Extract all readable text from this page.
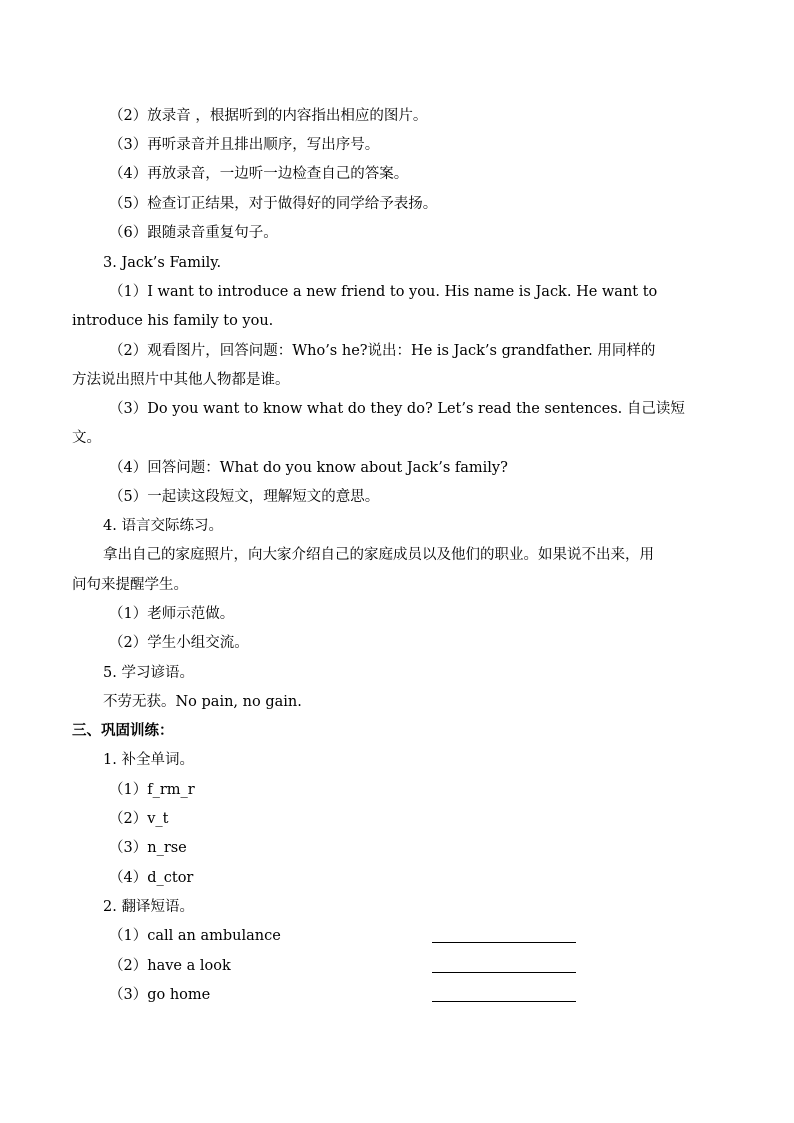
（2）放录音 ，根据听到的内容指出相应的图片。
（3）再听录音并且排出顺序，写出序号。
（4）再放录音，一边听一边检查自己的答案。
（5）检查订正结果，对于做得好的同学给予表扬。
（6）跟随录音重复句子。
3. Jack’s Family.
（1）I want to introduce a new friend to you. His name is Jack. He want to
introduce his family to you.
（2）观看图片，回答问题：Who’s he?说出：He is Jack’s grandfather. 用同样的
方法说出照片中其他人物都是谁。
（3）Do you want to know what do they do? Let’s read the sentences. 自己读短
文。
（4）回答问题：What do you know about Jack’s family?
（5）一起读这段短文，理解短文的意思。
4. 语言交际练习。
拿出自己的家庭照片，向大家介绍自己的家庭成员以及他们的职业。如果说不出来，用
问句来提醒学生。
（1）老师示范做。
（2）学生小组交流。
5. 学习谚语。
不劳无获。No pain, no gain.
三、巩固训练：
1. 补全单词。
（1）f_rm_r
（2）v_t
（3）n_rse
（4）d_ctor
2. 翻译短语。
（1）call an ambulance
（2）have a look
（3）go home
